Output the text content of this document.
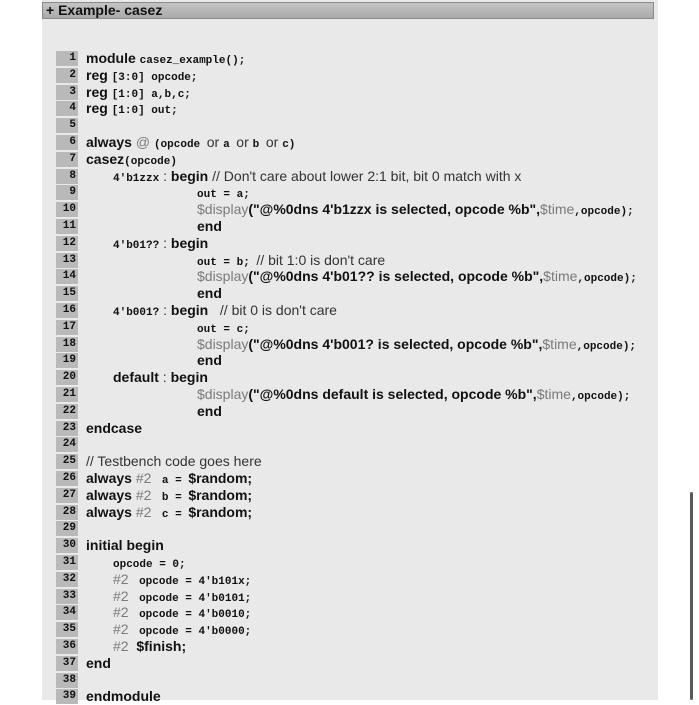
+ Example- casez
1 module casez_example();
2 reg [3:0] opcode;
3 reg [1:0] a,b,c;
4 reg [1:0] out;
5
6 always @ (opcode or a or b or c)
7 casez(opcode)
8	4'b1zzx : begin // Don't care about lower 2:1 bit, bit 0 match with x
9	out = a;
10	$display("@%0dns 4'b1zzx is selected, opcode %b",$time,opcode);
11	end
12	4'b01?? : begin
13	out = b; // bit 1:0 is don't care
14	$display("@%0dns 4'b01?? is selected, opcode %b",$time,opcode);
15	end
16	4'b001? : begin   // bit 0 is don't care
17	out = c;
18	$display("@%0dns 4'b001? is selected, opcode %b",$time,opcode);
19	end
20	default : begin
21	$display("@%0dns default is selected, opcode %b",$time,opcode);
22	end
23 endcase
24
25 // Testbench code goes here
26 always #2  a = $random;
27 always #2  b = $random;
28 always #2  c = $random;
29
30 initial begin
31	opcode = 0;
32	#2  opcode = 4'b101x;
33	#2  opcode = 4'b0101;
34	#2  opcode = 4'b0010;
35	#2  opcode = 4'b0000;
36	#2  $finish;
37 end
38
39 endmodule
